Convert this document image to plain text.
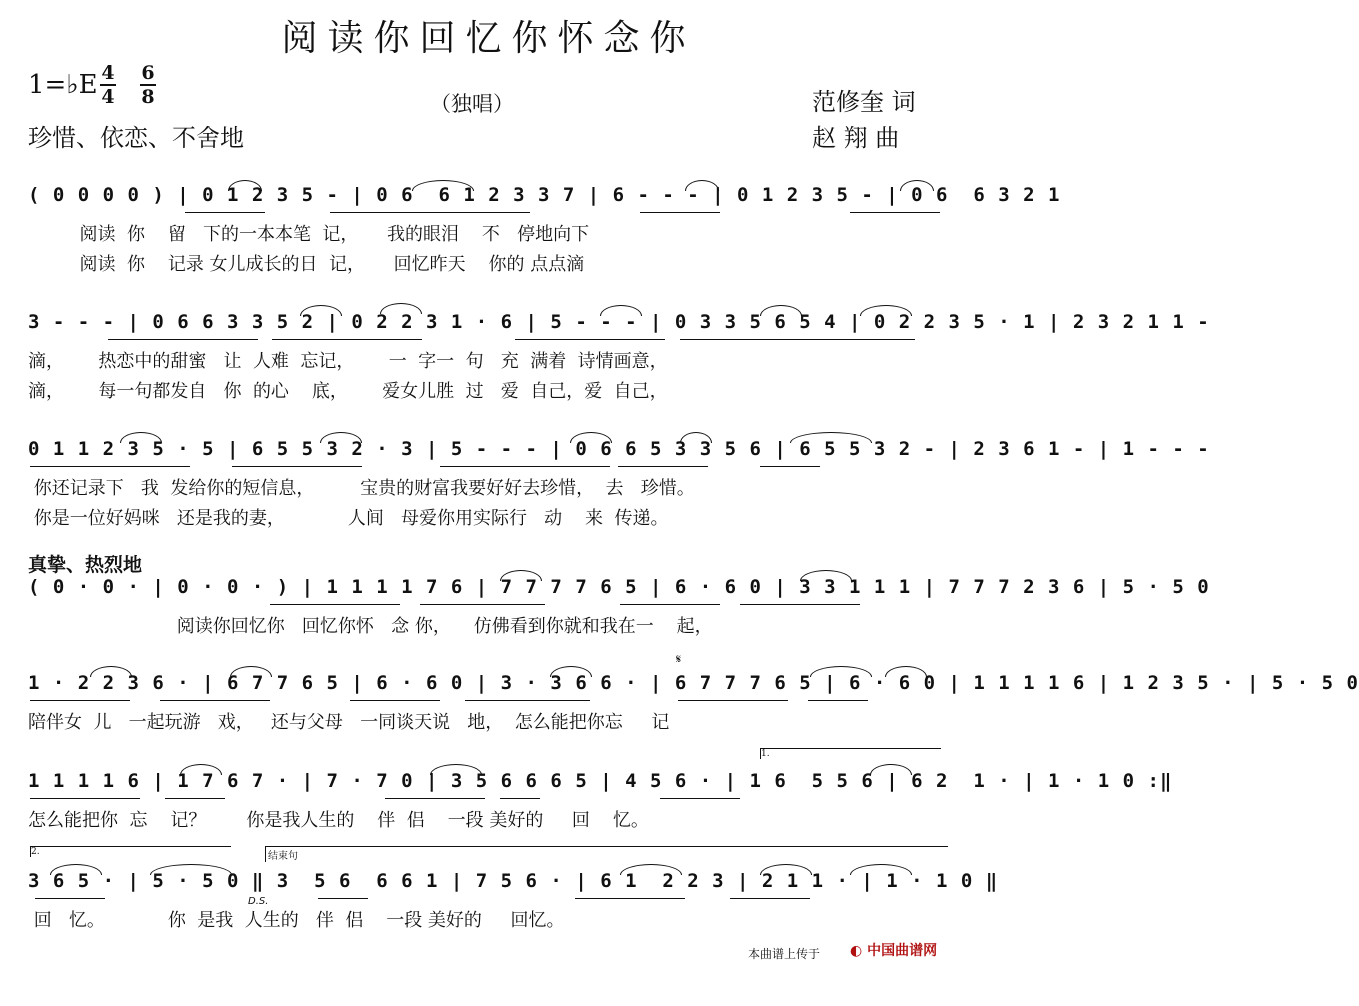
阅读你回忆你怀念你
1=♭E 4
4
6
8	（独唱）
珍惜、依恋、不舍地
范修奎 词
赵 翔 曲
( 0 0 0 0 ) | 0 1 2 3 5 - | 0 6  6 1 2 3 3 7 | 6 - - - | 0 1 2 3 5 - | 0 6  6 3 2 1
阅读  你    留   下的一本本笔  记，     我的眼泪    不   停地向下
阅读  你    记录 女儿成长的日  记，     回忆昨天    你的 点点滴
3 - - - | 0 6 6 3 3 5 2 | 0 2 2 3 1 · 6 | 5 - - - | 0 3 3 5 6 5 4 | 0 2 2 3 5 · 1 | 2 3 2 1 1 -
滴，      热恋中的甜蜜   让  人难  忘记，      一  字一  句   充  满着  诗情画意，
滴，      每一句都发自   你  的心    底，      爱女儿胜  过   爱  自己，爱  自己，
0 1 1 2 3 5 · 5 | 6 5 5 3 2 · 3 | 5 - - - | 0 6 6 5 3 3 5 6 | 6 5 5 3 2 - | 2 3 6 1 - | 1 - - -
你还记录下   我  发给你的短信息，        宝贵的财富我要好好去珍惜，  去   珍惜。
你是一位好妈咪   还是我的妻，           人间   母爱你用实际行   动    来  传递。
真挚、热烈地
( 0 · 0 · | 0 · 0 · ) | 1 1 1 1 7 6 | 7 7 7 7 6 5 | 6 · 6 0 | 3 3 1 1 1 | 7 7 7 2 3 6 | 5 · 5 0
阅读你回忆你   回忆你怀   念 你，    仿佛看到你就和我在一    起，
𝄋
1 · 2 2 3 6 · | 6 7 7 6 5 | 6 · 6 0 | 3 · 3 6 6 · | 6 7 7 7 6 5 | 6 · 6 0 | 1 1 1 1 6 | 1 2 3 5 · | 5 · 5 0
陪伴女  儿   一起玩游   戏，   还与父母   一同谈天说   地，  怎么能把你忘     记
1.
1 1 1 1 6 | 1 7 6 7 · | 7 · 7 0 | 3 5 6 6 6 5 | 4 5 6 · | 1 6  5 5 6 | 6 2  1 · | 1 · 1 0 :‖
怎么能把你  忘    记？       你是我人生的    伴  侣    一段 美好的     回    忆。
2.	结束句
3 6 5 · | 5 · 5 0 ‖ 3  5 6  6 6 1 | 7 5 6 · | 6 1  2 2 3 | 2 1 1 · | 1 · 1 0 ‖
D.S.
回   忆。           你  是我  人生的   伴  侣    一段 美好的     回忆。
本曲谱上传于 ◐ 中国曲谱网
